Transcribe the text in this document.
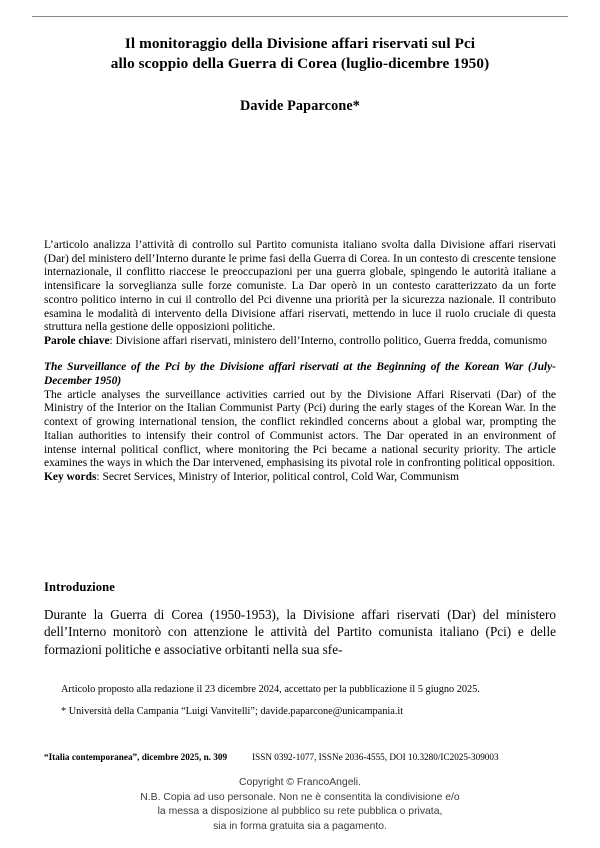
Il monitoraggio della Divisione affari riservati sul Pci
allo scoppio della Guerra di Corea (luglio-dicembre 1950)

Davide Paparcone*

L’articolo analizza l’attività di controllo sul Partito comunista italiano svolta dalla Divisione affari riservati (Dar) del ministero dell’Interno durante le prime fasi della Guerra di Corea. In un contesto di crescente tensione internazionale, il conflitto riaccese le preoccupazioni per una guerra globale, spingendo le autorità italiane a intensificare la sorveglianza sulle forze comuniste. La Dar operò in un contesto caratterizzato da un forte scontro politico interno in cui il controllo del Pci divenne una priorità per la sicurezza nazionale. Il contributo esamina le modalità di intervento della Divisione affari riservati, mettendo in luce il ruolo cruciale di questa struttura nella gestione delle opposizioni politiche.

Parole chiave: Divisione affari riservati, ministero dell’Interno, controllo politico, Guerra fredda, comunismo

The Surveillance of the Pci by the Divisione affari riservati at the Beginning of the Korean War (July-December 1950)

The article analyses the surveillance activities carried out by the Divisione Affari Riservati (Dar) of the Ministry of the Interior on the Italian Communist Party (Pci) during the early stages of the Korean War. In the context of growing international tension, the conflict rekindled concerns about a global war, prompting the Italian authorities to intensify their control of Communist actors. The Dar operated in an environment of intense internal political conflict, where monitoring the Pci became a national security priority. The article examines the ways in which the Dar intervened, emphasising its pivotal role in confronting political opposition.

Key words: Secret Services, Ministry of Interior, political control, Cold War, Communism

Introduzione

Durante la Guerra di Corea (1950-1953), la Divisione affari riservati (Dar) del ministero dell’Interno monitorò con attenzione le attività del Partito comunista italiano (Pci) e delle formazioni politiche e associative orbitanti nella sua sfe-

Articolo proposto alla redazione il 23 dicembre 2024, accettato per la pubblicazione il 5 giugno 2025.

* Università della Campania “Luigi Vanvitelli”; davide.paparcone@unicampania.it

“Italia contemporanea”, dicembre 2025, n. 309	ISSN 0392-1077, ISSNe 2036-4555, DOI 10.3280/IC2025-309003
Copyright © FrancoAngeli.
N.B. Copia ad uso personale. Non ne è consentita la condivisione e/o
la messa a disposizione al pubblico su rete pubblica o privata,
sia in forma gratuita sia a pagamento.
